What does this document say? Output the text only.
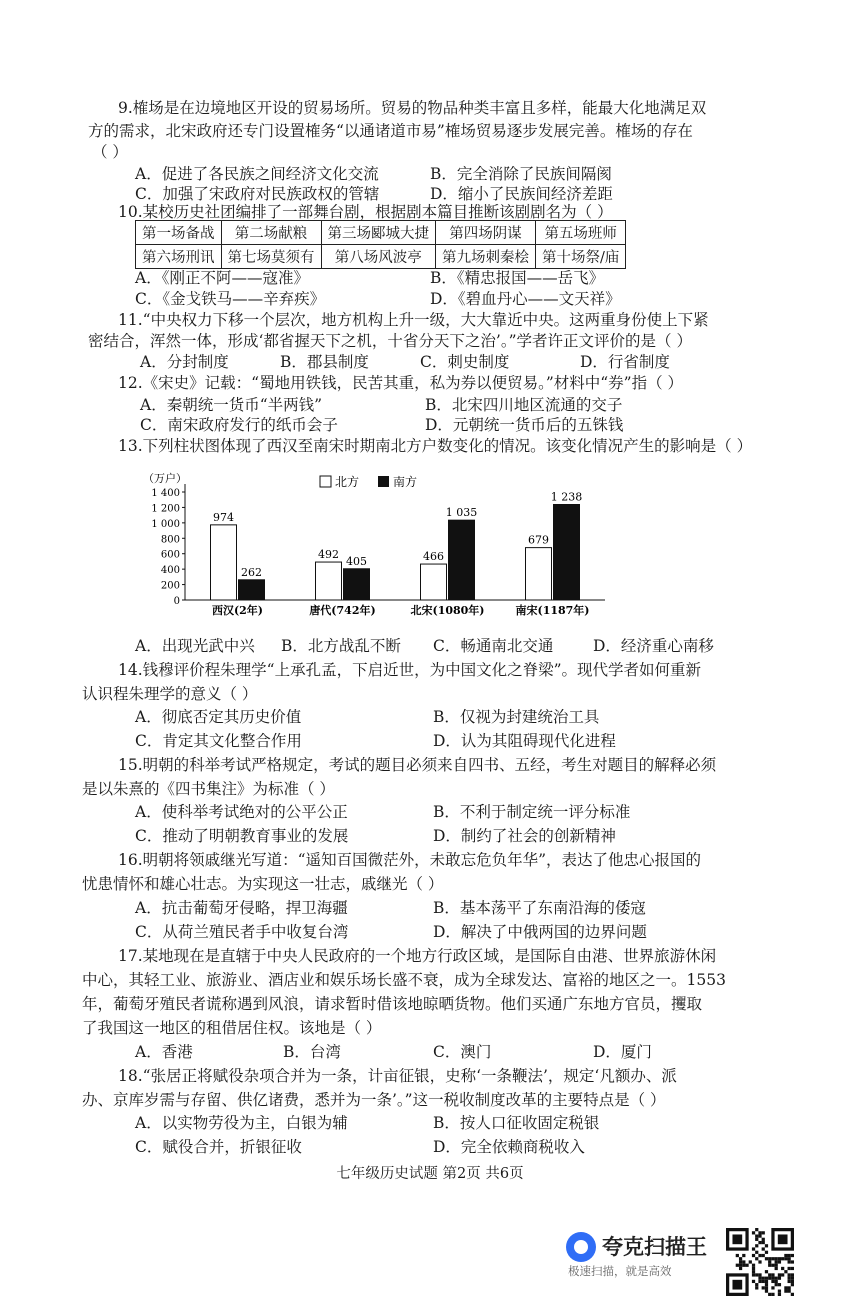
9.榷场是在边境地区开设的贸易场所。贸易的物品种类丰富且多样，能最大化地满足双
方的需求，北宋政府还专门设置榷务“以通诸道市易”榷场贸易逐步发展完善。榷场的存在
（ ）
A．促进了各民族之间经济文化交流	B．完全消除了民族间隔阂
C．加强了宋政府对民族政权的管辖	D．缩小了民族间经济差距
10.某校历史社团编排了一部舞台剧，根据剧本篇目推断该剧剧名为（ ）
第一场备战	第二场献粮	第三场郾城大捷	第四场阴谋	第五场班师
第六场刑讯	第七场莫须有	第八场风波亭	第九场刺秦桧	第十场祭/庙
A．《刚正不阿——寇准》	B．《精忠报国——岳飞》
C．《金戈铁马——辛弃疾》	D．《碧血丹心——文天祥》
11.“中央权力下移一个层次，地方机构上升一级，大大靠近中央。这两重身份使上下紧
密结合，浑然一体，形成‘都省握天下之机，十省分天下之治’。”学者许正文评价的是（ ）
A．分封制度	B．郡县制度	C．刺史制度	D．行省制度
12.《宋史》记载：“蜀地用铁钱，民苦其重，私为券以便贸易。”材料中“券”指（ ）
A．秦朝统一货币“半两钱”	B．北宋四川地区流通的交子
C．南宋政府发行的纸币会子	D．元朝统一货币后的五铢钱
13.下列柱状图体现了西汉至南宋时期南北方户数变化的情况。该变化情况产生的影响是（ ）
（万户）	北方	南方
1 400
1 200
1 000
800
600
400
200
0
974
262
492
405	466
1 035
679
1 238
西汉(2年)	唐代(742年)	北宋(1080年)	南宋(1187年)
A．出现光武中兴 B．北方战乱不断 C．畅通南北交通	D．经济重心南移
14.钱穆评价程朱理学“上承孔孟，下启近世，为中国文化之脊梁”。现代学者如何重新
认识程朱理学的意义（ ）
A．彻底否定其历史价值	B．仅视为封建统治工具
C．肯定其文化整合作用	D．认为其阻碍现代化进程
15.明朝的科举考试严格规定，考试的题目必须来自四书、五经，考生对题目的解释必须
是以朱熹的《四书集注》为标准（ ）
A．使科举考试绝对的公平公正	B．不利于制定统一评分标准
C．推动了明朝教育事业的发展	D．制约了社会的创新精神
16.明朝将领戚继光写道：“遥知百国微茫外，未敢忘危负年华”，表达了他忠心报国的
忧患情怀和雄心壮志。为实现这一壮志，戚继光（ ）
A．抗击葡萄牙侵略，捍卫海疆	B．基本荡平了东南沿海的倭寇
C．从荷兰殖民者手中收复台湾	D．解决了中俄两国的边界问题
17.某地现在是直辖于中央人民政府的一个地方行政区域，是国际自由港、世界旅游休闲
中心，其轻工业、旅游业、酒店业和娱乐场长盛不衰，成为全球发达、富裕的地区之一。1553
年，葡萄牙殖民者谎称遇到风浪，请求暂时借该地晾晒货物。他们买通广东地方官员，攫取
了我国这一地区的租借居住权。该地是（ ）
A．香港	B．台湾	C．澳门	D．厦门
18.“张居正将赋役杂项合并为一条，计亩征银，史称‘一条鞭法’，规定‘凡额办、派
办、京库岁需与存留、供亿诸费，悉并为一条’。”这一税收制度改革的主要特点是（ ）
A．以实物劳役为主，白银为辅	B．按人口征收固定税银
C．赋役合并，折银征收	D．完全依赖商税收入
七年级历史试题 第2页 共6页
夸克扫描王
极速扫描，就是高效
